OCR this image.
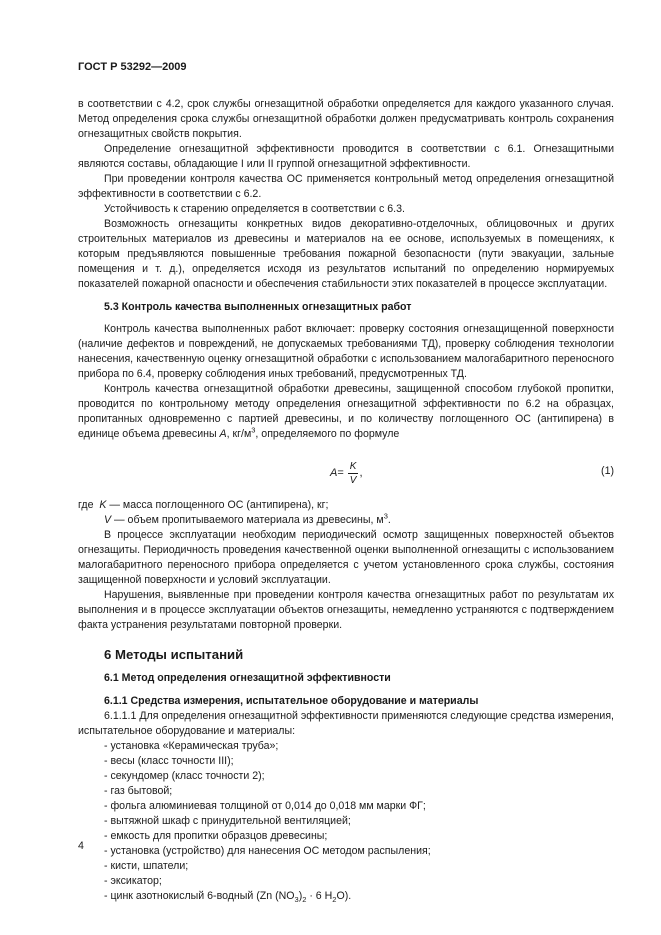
ГОСТ Р 53292—2009

в соответствии с 4.2, срок службы огнезащитной обработки определяется для каждого указанного случая. Метод определения срока службы огнезащитной обработки должен предусматривать контроль сохранения огнезащитных свойств покрытия.

Определение огнезащитной эффективности проводится в соответствии с 6.1. Огнезащитными являются составы, обладающие I или II группой огнезащитной эффективности.

При проведении контроля качества ОС применяется контрольный метод определения огнезащитной эффективности в соответствии с 6.2.

Устойчивость к старению определяется в соответствии с 6.3.

Возможность огнезащиты конкретных видов декоративно-отделочных, облицовочных и других строительных материалов из древесины и материалов на ее основе, используемых в помещениях, к которым предъявляются повышенные требования пожарной безопасности (пути эвакуации, зальные помещения и т. д.), определяется исходя из результатов испытаний по определению нормируемых показателей пожарной опасности и обеспечения стабильности этих показателей в процессе эксплуатации.

5.3 Контроль качества выполненных огнезащитных работ

Контроль качества выполненных работ включает: проверку состояния огнезащищенной поверхности (наличие дефектов и повреждений, не допускаемых требованиями ТД), проверку соблюдения технологии нанесения, качественную оценку огнезащитной обработки с использованием малогабаритного переносного прибора по 6.4, проверку соблюдения иных требований, предусмотренных ТД.

Контроль качества огнезащитной обработки древесины, защищенной способом глубокой пропитки, проводится по контрольному методу определения огнезащитной эффективности по 6.2 на образцах, пропитанных одновременно с партией древесины, и по количеству поглощенного ОС (антипирена) в единице объема древесины A, $кг/м^3$, определяемого по формуле

$A = \frac{K}{V}$ ,	(1)

где K — масса поглощенного ОС (антипирена), кг;

V — объем пропитываемого материала из древесины, $м^3$.

В процессе эксплуатации необходим периодический осмотр защищенных поверхностей объектов огнезащиты. Периодичность проведения качественной оценки выполненной огнезащиты с использованием малогабаритного переносного прибора определяется с учетом установленного срока службы, состояния защищенной поверхности и условий эксплуатации.

Нарушения, выявленные при проведении контроля качества огнезащитных работ по результатам их выполнения и в процессе эксплуатации объектов огнезащиты, немедленно устраняются с подтверждением факта устранения результатами повторной проверки.

6 Методы испытаний
6.1 Метод определения огнезащитной эффективности
6.1.1 Средства измерения, испытательное оборудование и материалы

6.1.1.1 Для определения огнезащитной эффективности применяются следующие средства измерения, испытательное оборудование и материалы:

- установка «Керамическая труба»;

- весы (класс точности III);

- секундомер (класс точности 2);

- газ бытовой;

- фольга алюминиевая толщиной от 0,014 до 0,018 мм марки ФГ;

- вытяжной шкаф с принудительной вентиляцией;

- емкость для пропитки образцов древесины;

- установка (устройство) для нанесения ОС методом распыления;

- кисти, шпатели;

- эксикатор;

- цинк азотнокислый 6-водный (Zn $(NO_3)_2 \cdot 6$ $H_2O$).

4
